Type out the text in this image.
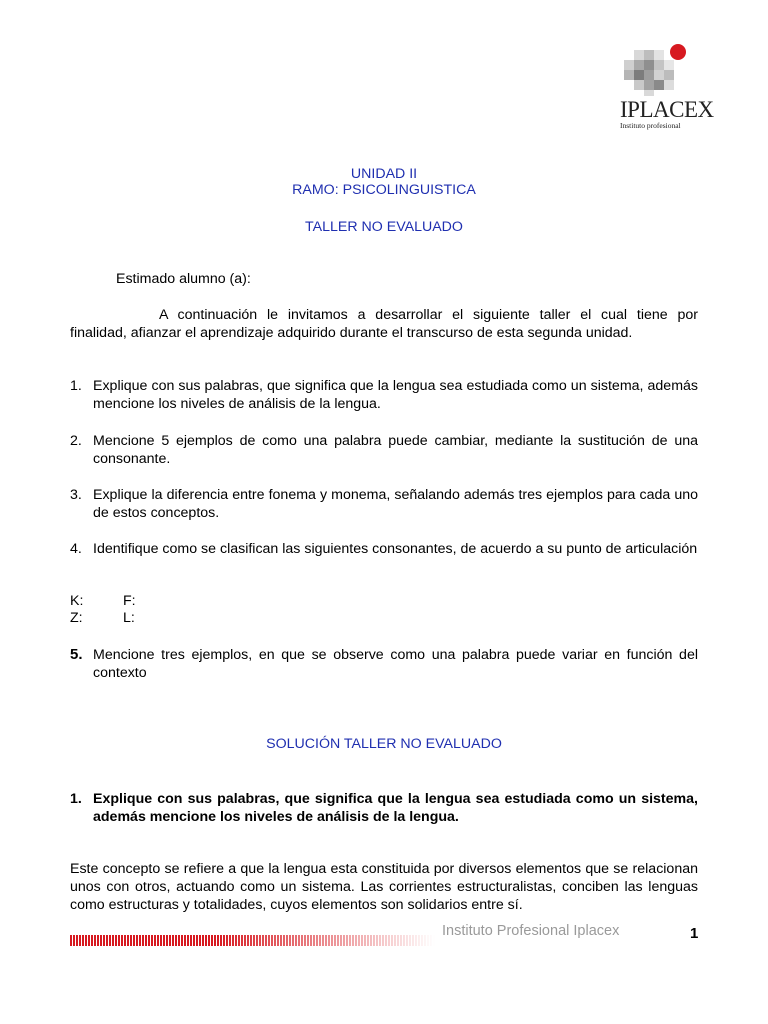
IPLACEX
Instituto profesional
UNIDAD II
RAMO: PSICOLINGUISTICA
TALLER NO EVALUADO
Estimado alumno (a):
A continuación le invitamos a desarrollar el siguiente taller el cual tiene por
finalidad, afianzar el aprendizaje adquirido durante el transcurso de esta segunda unidad.
1. Explique con sus palabras, que significa que la lengua sea estudiada como un sistema, además mencione los niveles de análisis de la lengua.
2. Mencione 5 ejemplos de como una palabra puede cambiar, mediante la sustitución de una consonante.
3. Explique la diferencia entre fonema y monema, señalando además tres ejemplos para cada uno de estos conceptos.
4. Identifique como se clasifican las siguientes consonantes, de acuerdo a su punto de articulación
K:	F:
Z:	L:
5. Mencione tres ejemplos, en que se observe como una palabra puede variar en función del contexto
SOLUCIÓN TALLER NO EVALUADO
1. Explique con sus palabras, que significa que la lengua sea estudiada como un sistema, además mencione los niveles de análisis de la lengua.
Este concepto se refiere a que la lengua esta constituida por diversos elementos que se relacionan unos con otros, actuando como un sistema. Las corrientes estructuralistas, conciben las lenguas como estructuras y totalidades, cuyos elementos son solidarios entre sí.
Instituto Profesional Iplacex	1
